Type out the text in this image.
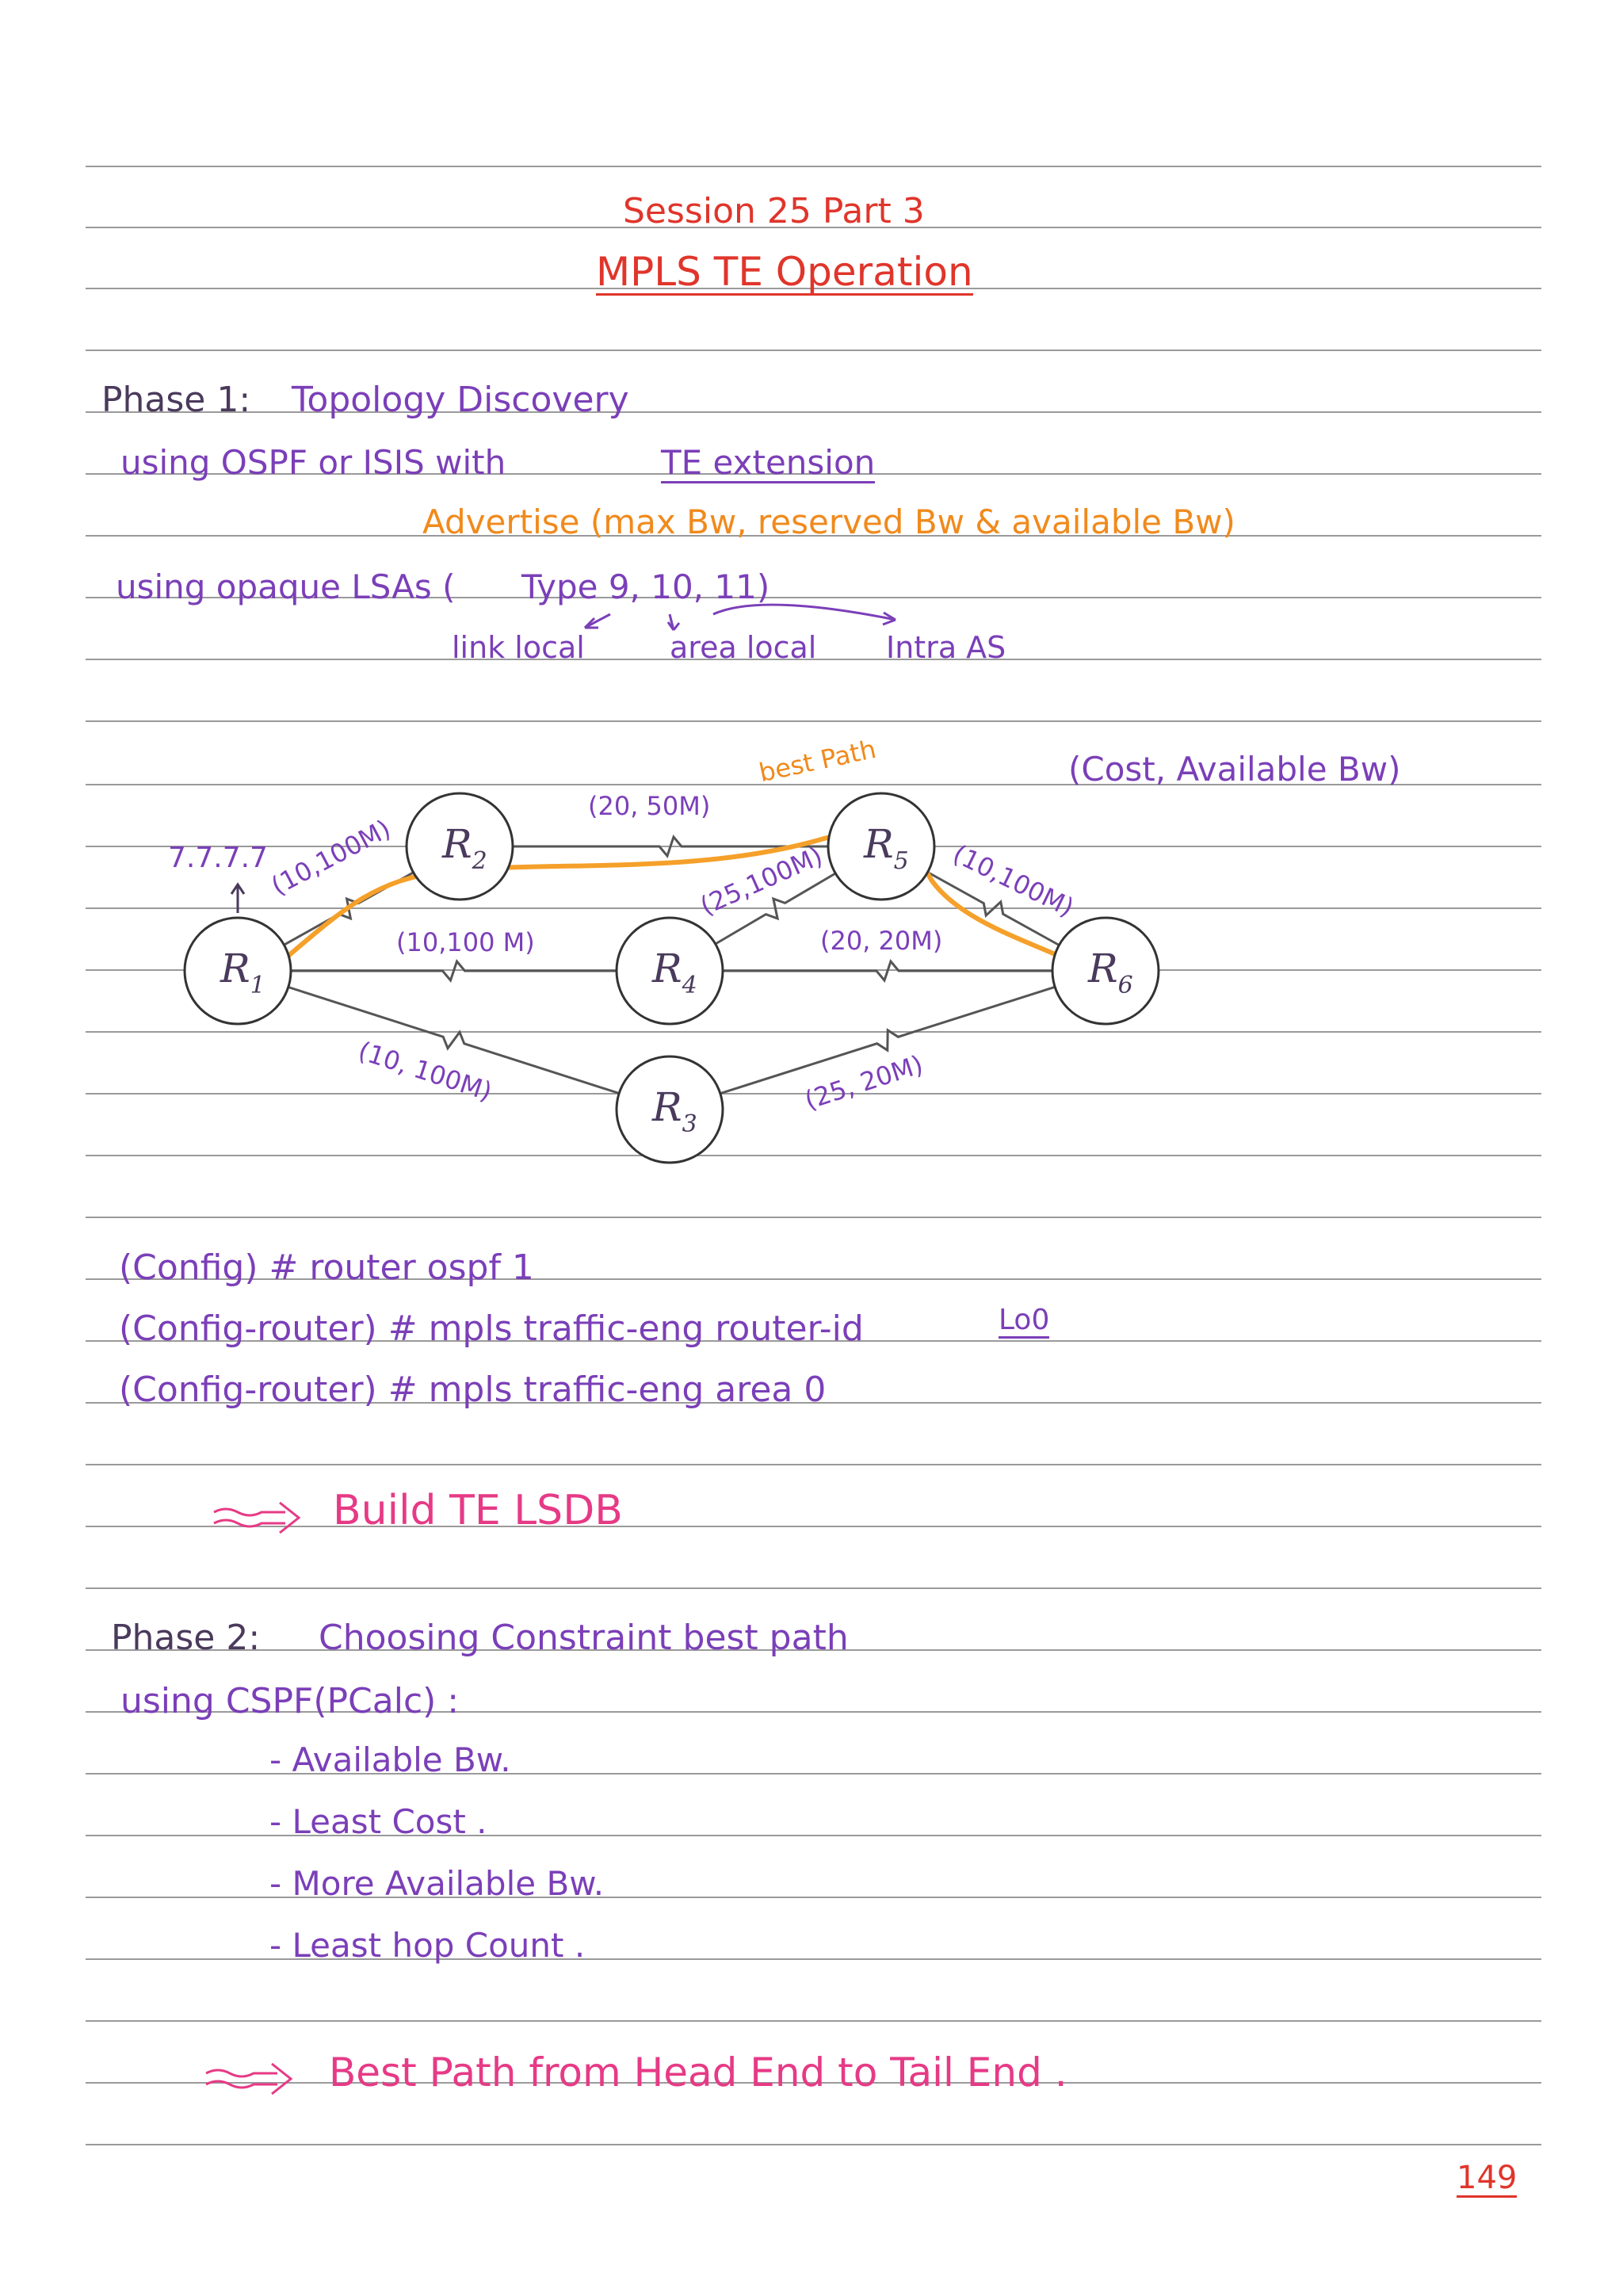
Session 25 Part 3
MPLS TE Operation
Phase 1: Topology Discovery
using OSPF or ISIS with	TE extension
Advertise (max Bw, reserved Bw & available Bw)
using opaque LSAs ( Type 9, 10, 11)
link local	area local Intra AS
(Cost, Available Bw)
$R_1$
$R_2$
$R_3$
$R_4$
$R_5$
$R_6$
(10,100M)
(20, 50M)
(25,100M)	(10,100M)
(10,100 M)	(20, 20M)
(10, 100M)	(25, 20M)
7.7.7.7
best Path
(Config) # router ospf 1
(Config-router) # mpls traffic-eng router-id	Lo0
(Config-router) # mpls traffic-eng area 0
Build TE LSDB
Phase 2: Choosing Constraint best path
using CSPF(PCalc) :
- Available Bw.
- Least Cost .
- More Available Bw.
- Least hop Count .
Best Path from Head End to Tail End .
149
